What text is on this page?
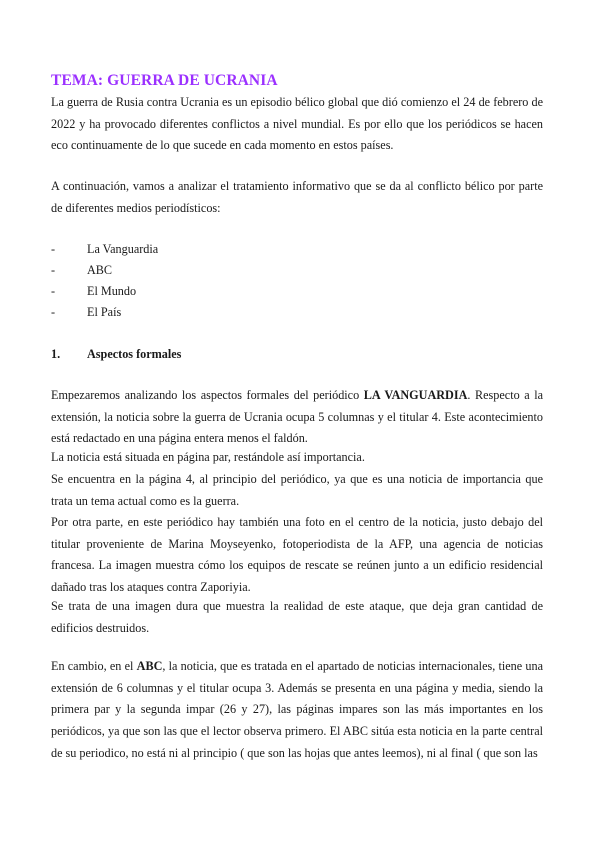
TEMA: GUERRA DE UCRANIA

La guerra de Rusia contra Ucrania es un episodio bélico global que dió comienzo el 24 de febrero de 2022 y ha provocado diferentes conflictos a nivel mundial. Es por ello que los periódicos se hacen eco continuamente de lo que sucede en cada momento en estos países.

A continuación, vamos a analizar el tratamiento informativo que se da al conflicto bélico por parte de diferentes medios periodísticos:

-	La Vanguardia
-	ABC
-	El Mundo
-	El País
1. Aspectos formales

Empezaremos analizando los aspectos formales del periódico LA VANGUARDIA. Respecto a la extensión, la noticia sobre la guerra de Ucrania ocupa 5 columnas y el titular 4. Este acontecimiento está redactado en una página entera menos el faldón.

La noticia está situada en página par, restándole así importancia.

Se encuentra en la página 4, al principio del periódico, ya que es una noticia de importancia que trata un tema actual como es la guerra.

Por otra parte, en este periódico hay también una foto en el centro de la noticia, justo debajo del titular proveniente de Marina Moyseyenko, fotoperiodista de la AFP, una agencia de noticias francesa. La imagen muestra cómo los equipos de rescate se reúnen junto a un edificio residencial dañado tras los ataques contra Zaporiyia.

Se trata de una imagen dura que muestra la realidad de este ataque, que deja gran cantidad de edificios destruidos.

En cambio, en el ABC, la noticia, que es tratada en el apartado de noticias internacionales, tiene una extensión de 6 columnas y el titular ocupa 3. Además se presenta en una página y media, siendo la primera par y la segunda impar (26 y 27), las páginas impares son las más importantes en los periódicos, ya que son las que el lector observa primero. El ABC sitúa esta noticia en la parte central de su periodico, no está ni al principio ( que son las hojas que antes leemos), ni al final ( que son las
